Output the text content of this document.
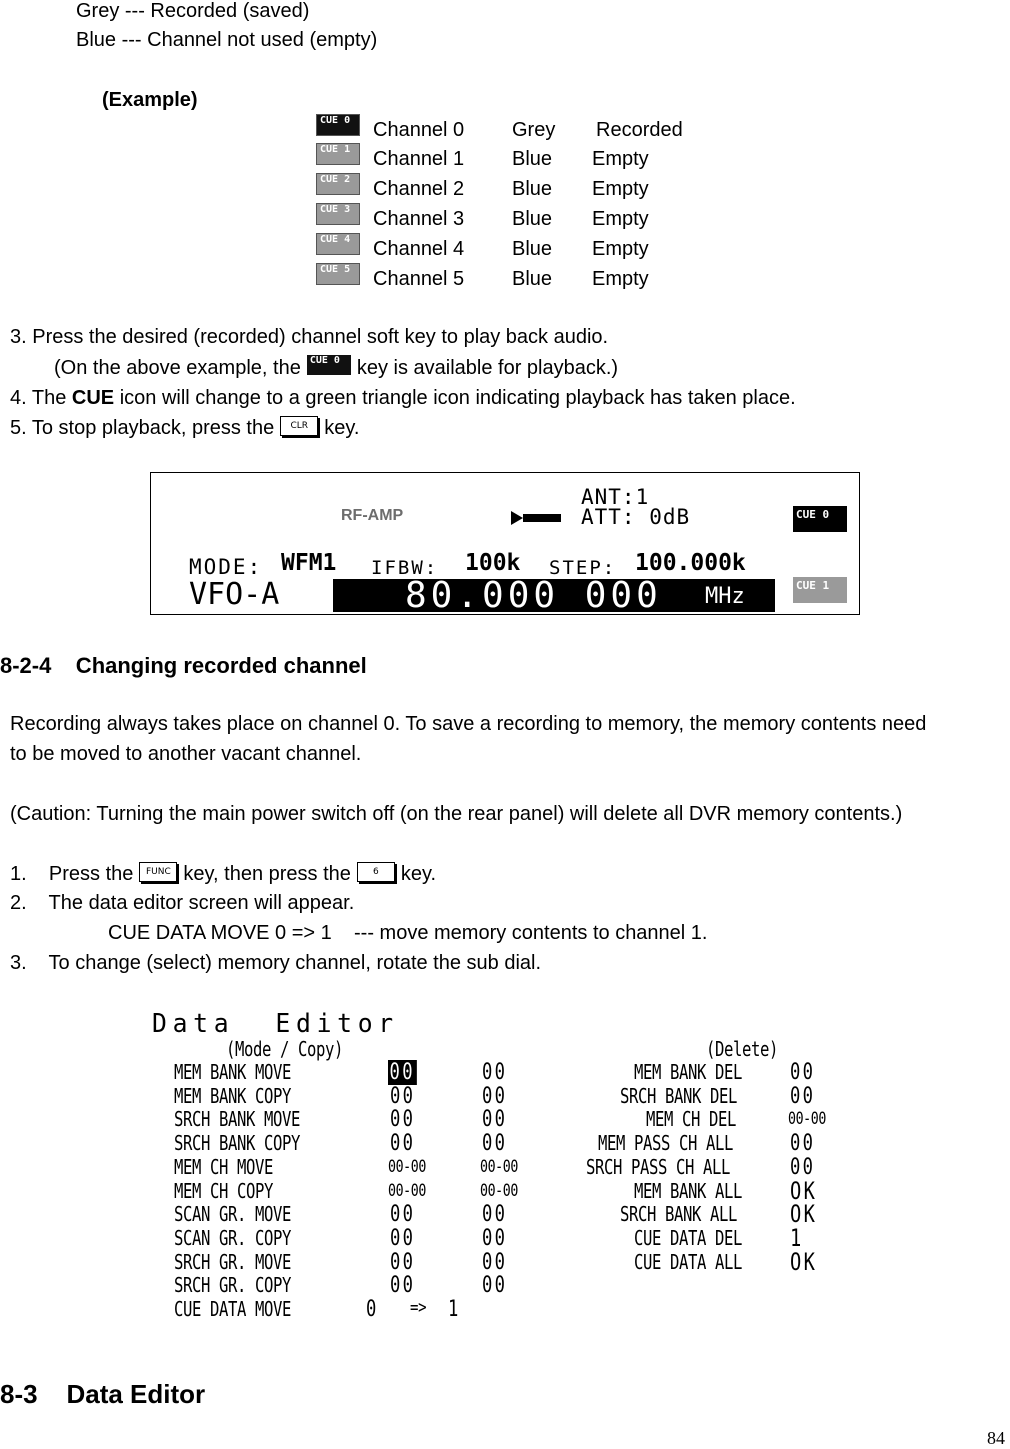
Grey --- Recorded (saved)
Blue --- Channel not used (empty)
(Example)
CUE 0	Channel 0 Grey Recorded
CUE 1	Channel 1 Blue Empty
CUE 2	Channel 2 Blue Empty
CUE 3	Channel 3 Blue Empty
CUE 4	Channel 4 Blue Empty
CUE 5	Channel 5 Blue Empty
3. Press the desired (recorded) channel soft key to play back audio.
(On the above example, the CUE 0 key is available for playback.)
4. The CUE icon will change to a green triangle icon indicating playback has taken place.
5. To stop playback, press the CLR key.
RF-AMP
ANT:1
ATT: 0dB	CUE 0
MODE: WFM1 IFBW: 100k STEP: 100.000k
VFO-A	80.000 000 MHz	CUE 1
8-2-4    Changing recorded channel
Recording always takes place on channel 0. To save a recording to memory, the memory contents need
to be moved to another vacant channel.
(Caution: Turning the main power switch off (on the rear panel) will delete all DVR memory contents.)
1.    Press the FUNC key, then press the 6 key.
2.    The data editor screen will appear.
CUE DATA MOVE 0 => 1    --- move memory contents to channel 1.
3.    To change (select) memory channel, rotate the sub dial.
Data  Editor
(Mode / Copy)	(Delete)
MEM BANK MOVE	00	00
MEM BANK COPY	00	00
SRCH BANK MOVE	00	00
SRCH BANK COPY	00	00
MEM CH MOVE	00-00	00-00
MEM CH COPY	00-00	00-00
SCAN GR. MOVE	00	00
SCAN GR. COPY	00	00
SRCH GR. MOVE	00	00
SRCH GR. COPY	00	00
CUE DATA MOVE	0 => 1
MEM BANK DEL 00
SRCH BANK DEL 00
MEM CH DEL	00-00
MEM PASS CH ALL	00
SRCH PASS CH ALL	00
MEM BANK ALL OK
SRCH BANK ALL OK
CUE DATA DEL 1
CUE DATA ALL OK
8-3    Data Editor
84
